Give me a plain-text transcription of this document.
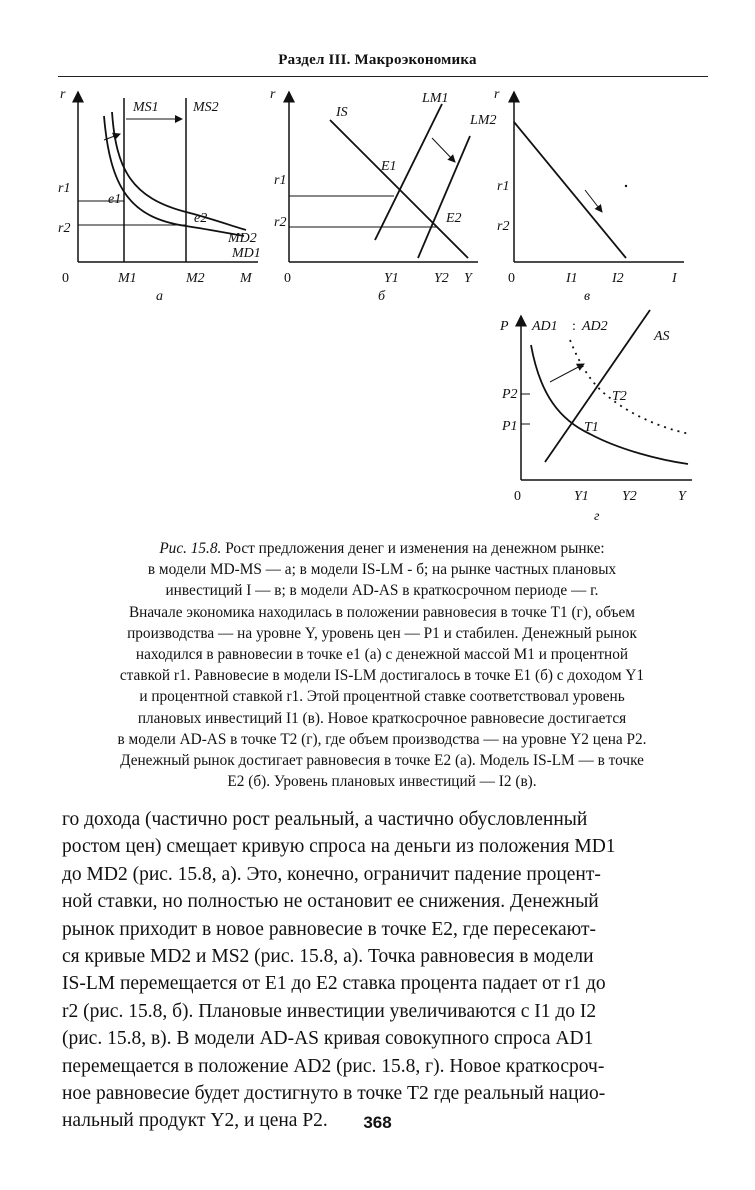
Раздел III. Макроэкономика
r
0	M
r1
r2
M1	M2
MS1 MS2
MD2
MD1
e1
e2
а
r
0	Y
r1
r2
Y1	Y2
IS
LM1
LM2
E1
E2
б
r
0	I
r1
r2
I1 I2
в
P
0	Y
P2
P1
Y1 Y2
AD1 : AD2
AS
T1
T2
г

Рис. 15.8. Рост предложения денег и изменения на денежном рынке:

в модели MD-MS — а; в модели IS-LM - б; на рынке частных плановых

инвестиций I — в; в модели AD-AS в краткосрочном периоде — г.

Вначале экономика находилась в положении равновесия в точке T1 (г), объем

производства — на уровне Y, уровень цен — P1 и стабилен. Денежный рынок

находился в равновесии в точке e1 (а) с денежной массой M1 и процентной

ставкой r1. Равновесие в модели IS-LM достигалось в точке E1 (б) с доходом Y1

и процентной ставкой r1. Этой процентной ставке соответствовал уровень

плановых инвестиций I1 (в). Новое краткосрочное равновесие достигается

в модели AD-AS в точке T2 (г), где объем производства — на уровне Y2 цена P2.

Денежный рынок достигает равновесия в точке E2 (а). Модель IS-LM — в точке

E2 (б). Уровень плановых инвестиций — I2 (в).

го дохода (частично рост реальный, а частично обусловленный

ростом цен) смещает кривую спроса на деньги из положения MD1

до MD2 (рис. 15.8, а). Это, конечно, ограничит падение процент-

ной ставки, но полностью не остановит ее снижения. Денежный

рынок приходит в новое равновесие в точке E2, где пересекают-

ся кривые MD2 и MS2 (рис. 15.8, а). Точка равновесия в модели

IS-LM перемещается от E1 до E2 ставка процента падает от r1 до

r2 (рис. 15.8, б). Плановые инвестиции увеличиваются с I1 до I2

(рис. 15.8, в). В модели AD-AS кривая совокупного спроса AD1

перемещается в положение AD2 (рис. 15.8, г). Новое краткосроч-

ное равновесие будет достигнуто в точке T2 где реальный нацио-

нальный продукт Y2, и цена P2.	368
